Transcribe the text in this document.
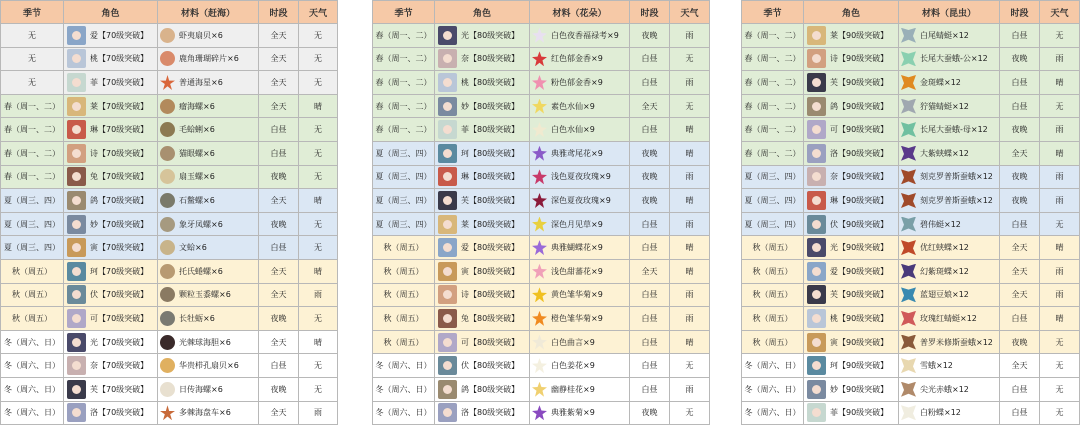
季节	角色	材料（赶海）	时段	天气
无	爱【70级突破】	虾夷扇贝×6	全天	无
无	桃【70级突破】	鹿角珊瑚碎片×6	全天	无
无	菲【70级突破】	普通海星×6	全天	无
春（周一、二）	莱【70级突破】	瘤海螺×6	全天	晴
春（周一、二）	琳【70级突破】	毛蛤蜊×6	白昼	无
春（周一、二）	诗【70级突破】	猫眼螺×6	白昼	无
春（周一、二）	兔【70级突破】	扇玉螺×6	夜晚	无
夏（周三、四）	鸽【70级突破】	石鳖螺×6	全天	晴
夏（周三、四）	妙【70级突破】	象牙凤螺×6	夜晚	无
夏（周三、四）	寅【70级突破】	文蛤×6	白昼	无
秋（周五）	珂【70级突破】	托氏蜷螺×6	全天	晴
秋（周五）	伏【70级突破】	颗粒玉黍螺×6	全天	雨
秋（周五）	可【70级突破】	长牡蛎×6	夜晚	无
冬（周六、日）	光【70级突破】	光棘球海胆×6	全天	晴
冬（周六、日）	奈【70级突破】	华贵栉孔扇贝×6	白昼	无
冬（周六、日）	芙【70级突破】	日传海螺×6	夜晚	无
冬（周六、日）	洛【70级突破】	多棘海盘车×6	全天	雨
季节	角色	材料（花朵）	时段	天气
春（周一、二）	光【80级突破】	白色夜香福禄考×9	夜晚	雨
春（周一、二）	奈【80级突破】	红色郁金香×9	白昼	无
春（周一、二）	桃【80级突破】	粉色郁金香×9	白昼	雨
春（周一、二）	妙【80级突破】	素色水仙×9	全天	无
春（周一、二）	菲【80级突破】	白色水仙×9	白昼	晴
夏（周三、四）	珂【80级突破】	典雅鸢尾花×9	夜晚	晴
夏（周三、四）	琳【80级突破】	浅色夏夜玫瑰×9	夜晚	雨
夏（周三、四）	芙【80级突破】	深色夏夜玫瑰×9	夜晚	晴
夏（周三、四）	莱【80级突破】	深色月见草×9	白昼	雨
秋（周五）	爱【80级突破】	典雅蝴蝶花×9	白昼	晴
秋（周五）	寅【80级突破】	浅色甜蕃花×9	全天	晴
秋（周五）	诗【80级突破】	黄色雏华菊×9	白昼	雨
秋（周五）	兔【80级突破】	橙色雏华菊×9	白昼	雨
秋（周五）	可【80级突破】	白色曲言×9	白昼	晴
冬（周六、日）	伏【80级突破】	白色姜花×9	白昼	无
冬（周六、日）	鸽【80级突破】	幽静桂花×9	白昼	雨
冬（周六、日）	洛【80级突破】	典雅紫菊×9	夜晚	无
季节	角色	材料（昆虫）	时段	天气
春（周一、二）	莱【90级突破】	白尾蜻蜓×12	白昼	无
春（周一、二）	诗【90级突破】	长尾大蚕蛾-公×12	夜晚	雨
春（周一、二）	芙【90级突破】	金斑蝶×12	白昼	晴
春（周一、二）	鸽【90级突破】	狞猫蜻蜓×12	白昼	无
春（周一、二）	可【90级突破】	长尾大蚕蛾-母×12	夜晚	雨
春（周一、二）	洛【90级突破】	大紫蛱蝶×12	全天	晴
夏（周三、四）	奈【90级突破】	刻克罗普斯蚕蛾×12	夜晚	雨
夏（周三、四）	琳【90级突破】	刻克罗普斯蚕蛾×12	夜晚	雨
夏（周三、四）	伏【90级突破】	碧伟蜓×12	白昼	无
秋（周五）	光【90级突破】	优红蛱蝶×12	全天	晴
秋（周五）	爱【90级突破】	幻紫斑蝶×12	全天	雨
秋（周五）	芙【90级突破】	蓝翅豆娘×12	全天	雨
秋（周五）	桃【90级突破】	玫瑰红蜻蜓×12	白昼	晴
秋（周五）	寅【90级突破】	普罗米修斯蚕蛾×12	夜晚	无
冬（周六、日）	珂【90级突破】	雪蛾×12	全天	无
冬（周六、日）	妙【90级突破】	尖光赤蛾×12	白昼	无
冬（周六、日）	菲【90级突破】	白粉蝶×12	白昼	无
